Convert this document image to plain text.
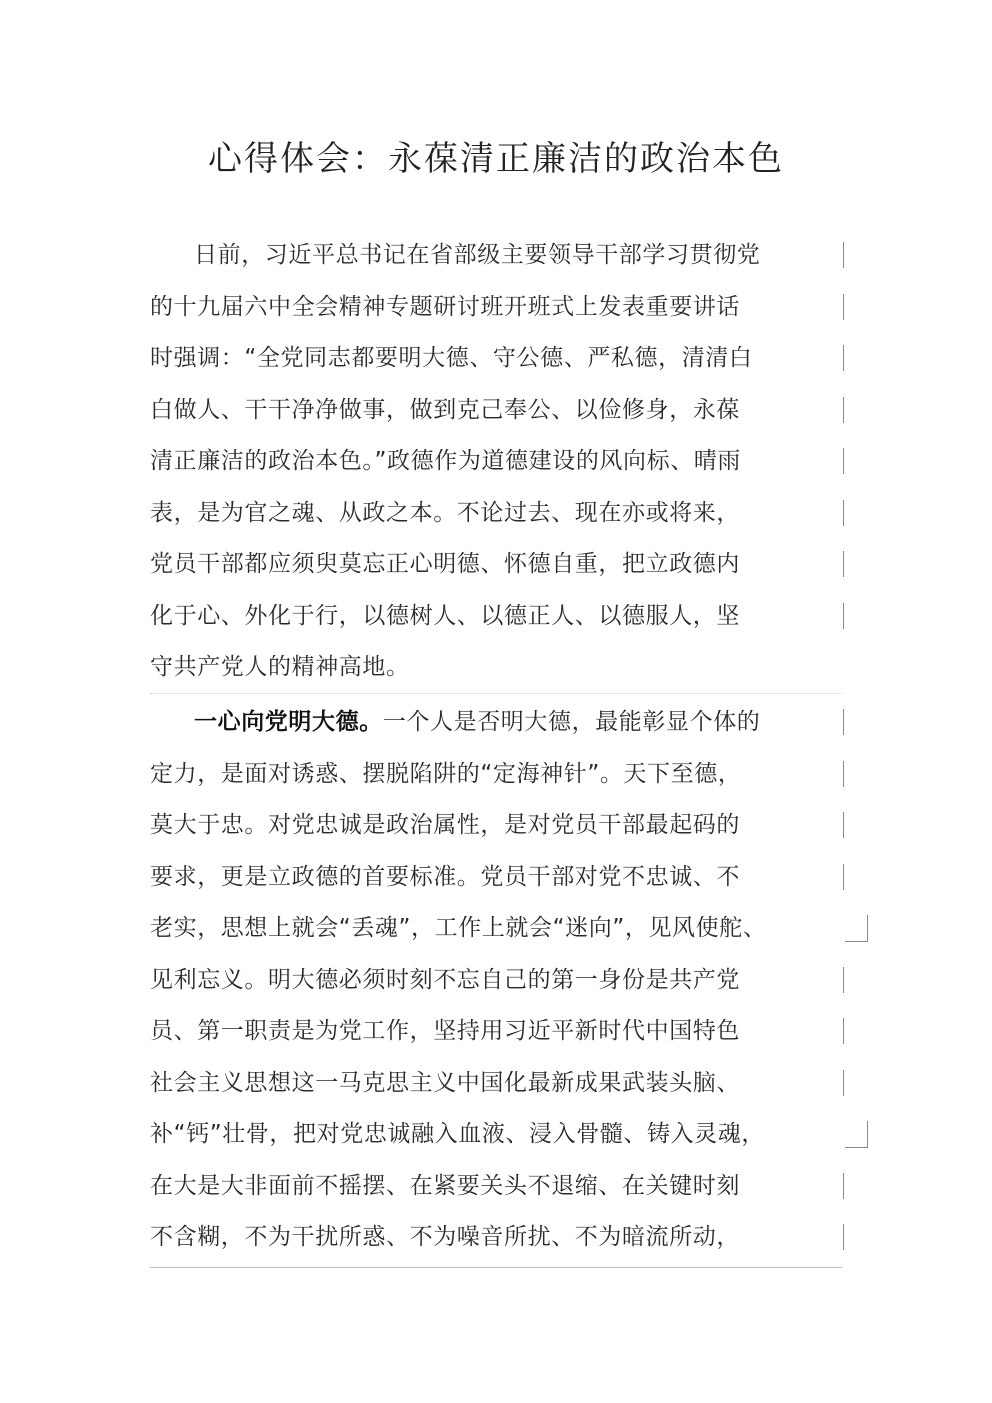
心得体会：永葆清正廉洁的政治本色
日前，习近平总书记在省部级主要领导干部学习贯彻党
的十九届六中全会精神专题研讨班开班式上发表重要讲话
时强调：“全党同志都要明大德、守公德、严私德，清清白
白做人、干干净净做事，做到克己奉公、以俭修身，永葆
清正廉洁的政治本色。”政德作为道德建设的风向标、晴雨
表，是为官之魂、从政之本。不论过去、现在亦或将来，
党员干部都应须臾莫忘正心明德、怀德自重，把立政德内
化于心、外化于行，以德树人、以德正人、以德服人，坚
守共产党人的精神高地。
一心向党明大德。一个人是否明大德，最能彰显个体的
定力，是面对诱惑、摆脱陷阱的“定海神针”。天下至德，
莫大于忠。对党忠诚是政治属性，是对党员干部最起码的
要求，更是立政德的首要标准。党员干部对党不忠诚、不
老实，思想上就会“丢魂”，工作上就会“迷向”，见风使舵、
见利忘义。明大德必须时刻不忘自己的第一身份是共产党
员、第一职责是为党工作，坚持用习近平新时代中国特色
社会主义思想这一马克思主义中国化最新成果武装头脑、
补“钙”壮骨，把对党忠诚融入血液、浸入骨髓、铸入灵魂，
在大是大非面前不摇摆、在紧要关头不退缩、在关键时刻
不含糊，不为干扰所惑、不为噪音所扰、不为暗流所动，
